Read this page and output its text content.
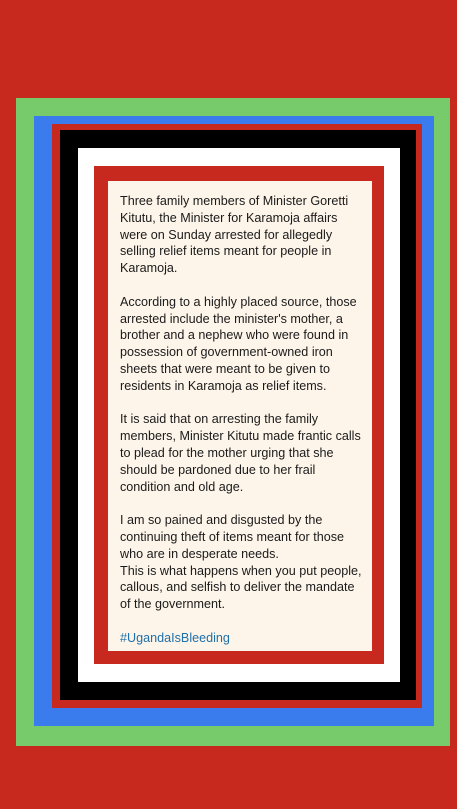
Three family members of Minister Goretti Kitutu, the Minister for Karamoja affairs were on Sunday arrested for allegedly selling relief items meant for people in Karamoja.

According to a highly placed source, those arrested include the minister's mother, a brother and a nephew who were found in possession of government-owned iron sheets that were meant to be given to residents in Karamoja as relief items.

It is said that on arresting the family members, Minister Kitutu made frantic calls to plead for the mother urging that she should be pardoned due to her frail condition and old age.

I am so pained and disgusted by the continuing theft of items meant for those who are in desperate needs.

This is what happens when you put people, callous, and selfish to deliver the mandate of the government.

#UgandaIsBleeding
